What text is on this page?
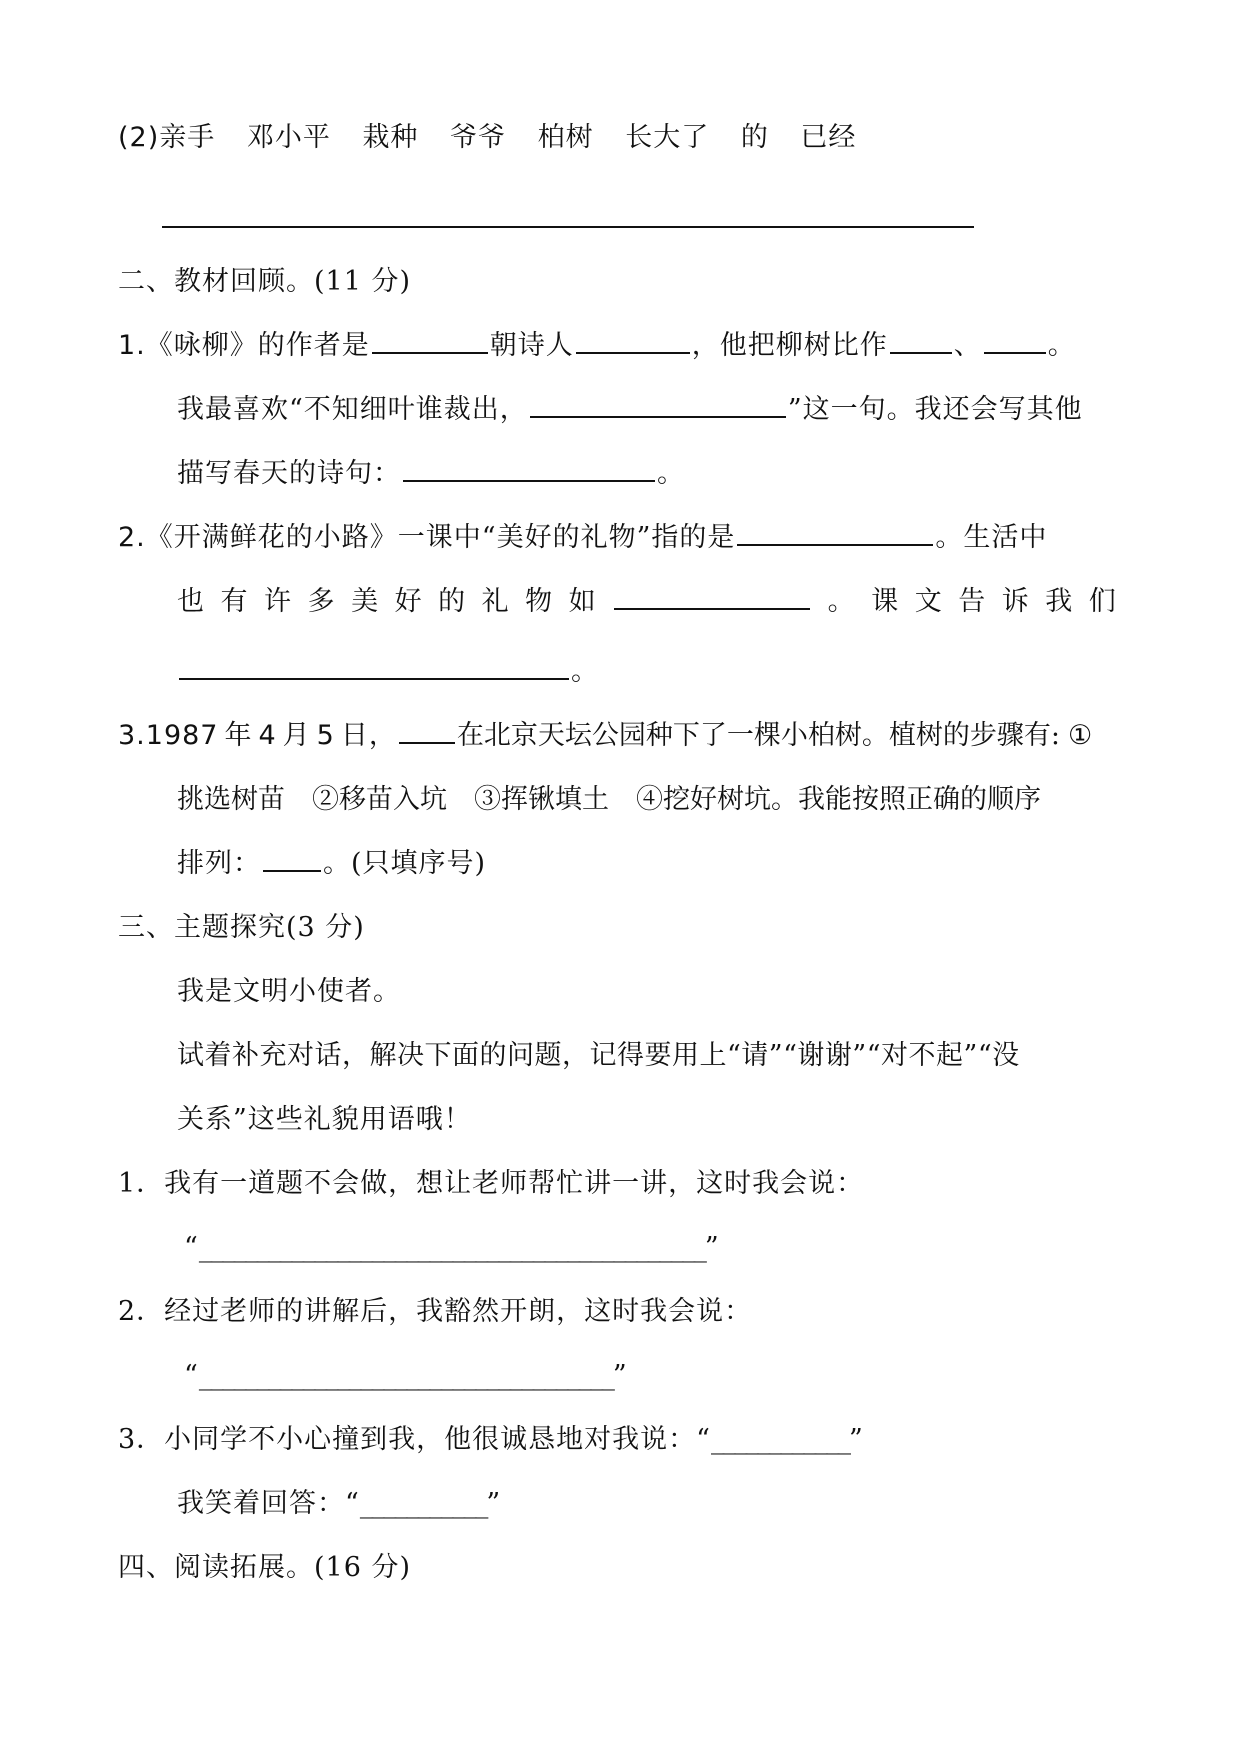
(2)亲手 邓小平 栽种 爷爷 柏树 长大了 的 已经
二、教材回顾。(11 分)
1.《咏柳》的作者是	朝诗人	，他把柳树比作 、 。
我最喜欢“不知细叶谁裁出，	”这一句。我还会写其他
描写春天的诗句：	。
2.《开满鲜花的小路》一课中“美好的礼物”指的是	。生活中
也 有 许 多 美 好 的 礼 物 如	。 课 文 告 诉 我 们
。
3.1987 年 4 月 5 日， 在北京天坛公园种下了一棵小柏树。植树的步骤有: ①
挑选树苗　②移苗入坑　③挥锹填土　④挖好树坑。我能按照正确的顺序
排列： 。(只填序号)
三、主题探究(3 分)
我是文明小使者。
试着补充对话，解决下面的问题，记得要用上“请”“谢谢”“对不起”“没
关系”这些礼貌用语哦！
1．我有一道题不会做，想让老师帮忙讲一讲，这时我会说：
“____________________________________________”
2．经过老师的讲解后，我豁然开朗，这时我会说：
“____________________________________”
3．小同学不小心撞到我，他很诚恳地对我说：“____________”
我笑着回答：“___________”
四、阅读拓展。(16 分)
